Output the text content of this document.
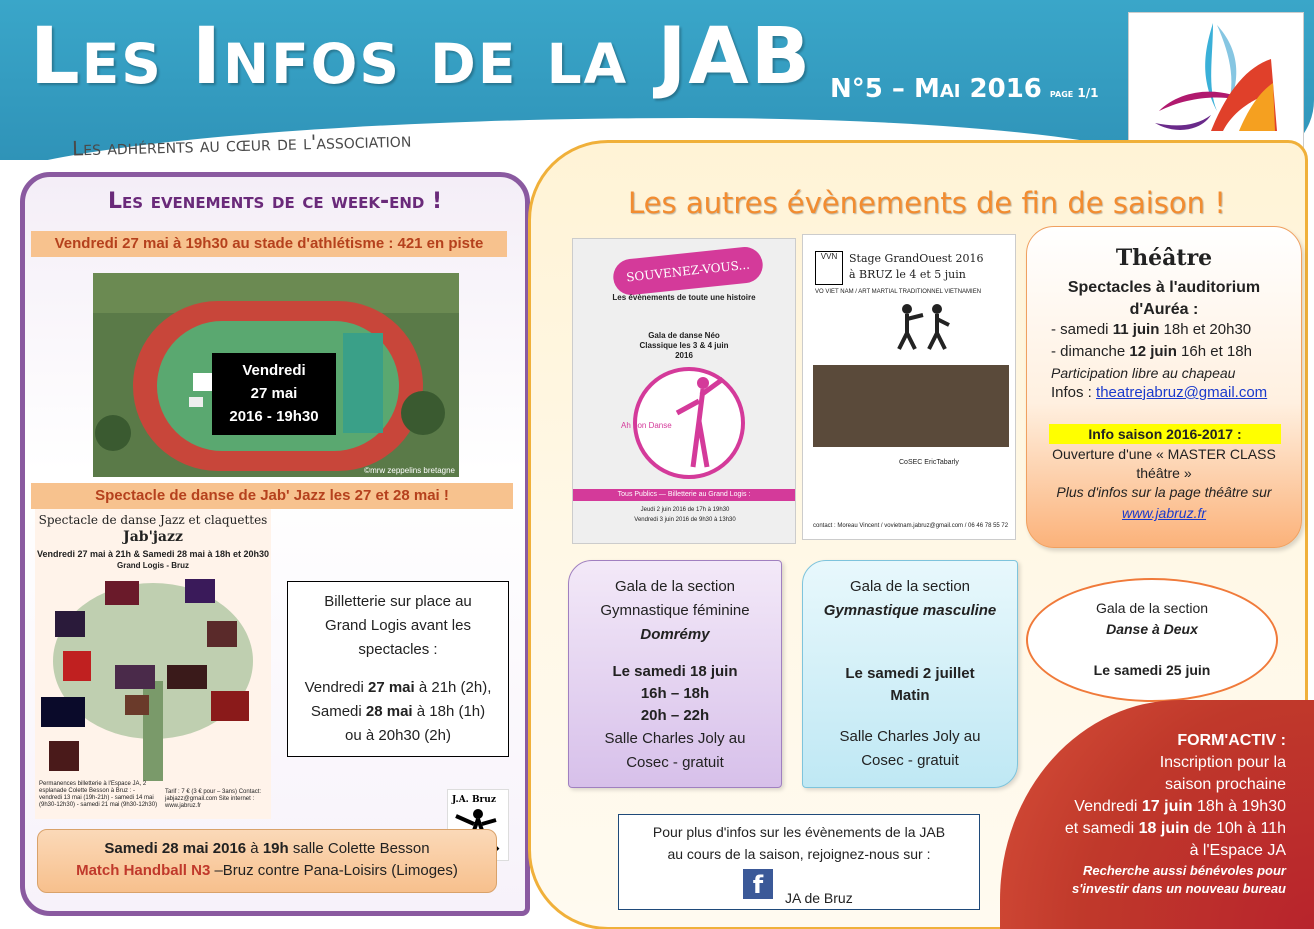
Les Infos de la JAB N°5 – Mai 2016 page 1/1
Les adhérents au cœur de l'association
Les evenements de ce week-end !
Vendredi 27 mai à 19h30 au stade d'athlétisme : 421 en piste
©mrw zeppelins bretagne
Vendredi
27 mai
2016 - 19h30
Spectacle de danse de Jab' Jazz les 27 et 28 mai !
Spectacle de danse Jazz et claquettes
Jab'jazz
Vendredi 27 mai à 21h & Samedi 28 mai à 18h et 20h30
Grand Logis - Bruz
Permanences billetterie à l'Espace JA, 2 esplanade Colette Besson à Bruz : - vendredi 13 mai (19h-21h) - samedi 14 mai (9h30-12h30) - samedi 21 mai (9h30-12h30)
Tarif : 7 € (3 € pour – 3ans) Contact: jabjazz@gmail.com Site internet : www.jabruz.fr
Billetterie sur place au Grand Logis avant les spectacles :
Vendredi 27 mai à 21h (2h),
Samedi 28 mai à 18h (1h)
ou à 20h30 (2h)
J.A. Bruz
Samedi 28 mai 2016 à 19h salle Colette Besson
Match Handball N3 –Bruz contre Pana-Loisirs (Limoges)
Les autres évènements de fin de saison !
SOUVENEZ-VOUS...
Les évènements de toute une histoire
Gala de danse Néo Classique les 3 & 4 juin 2016
Ah bon Danse
Tous Publics — Billetterie au Grand Logis :
Jeudi 2 juin 2016 de 17h à 19h30
Vendredi 3 juin 2016 de 9h30 à 13h30
VVN	Stage GrandOuest 2016
à BRUZ le 4 et 5 juin
VO VIET NAM / ART MARTIAL TRADITIONNEL VIETNAMIEN
CoSEC EricTabarly
contact : Moreau Vincent / vovietnam.jabruz@gmail.com / 06 46 78 55 72
Théâtre
Spectacles à l'auditorium
d'Auréa :
- samedi 11 juin 18h et 20h30
- dimanche 12 juin 16h et 18h
Participation libre au chapeau
Infos : theatrejabruz@gmail.com
Info saison 2016-2017 :
Ouverture d'une « MASTER CLASS
théâtre »
Plus d'infos sur la page théâtre sur
www.jabruz.fr
Gala de la section
Gymnastique féminine
Domrémy
Le samedi 18 juin
16h – 18h
20h – 22h
Salle Charles Joly au
Cosec - gratuit
Gala de la section
Gymnastique masculine
Le samedi 2 juillet
Matin
Salle Charles Joly au
Cosec - gratuit
Gala de la section
Danse à Deux
Le samedi 25 juin
FORM'ACTIV :
Inscription pour la
saison prochaine
Vendredi 17 juin 18h à 19h30
et samedi 18 juin de 10h à 11h
à l'Espace JA
Recherche aussi bénévoles pour
s'investir dans un nouveau bureau
Pour plus d'infos sur les évènements de la JAB
au cours de la saison, rejoignez-nous sur :
f	JA de Bruz
